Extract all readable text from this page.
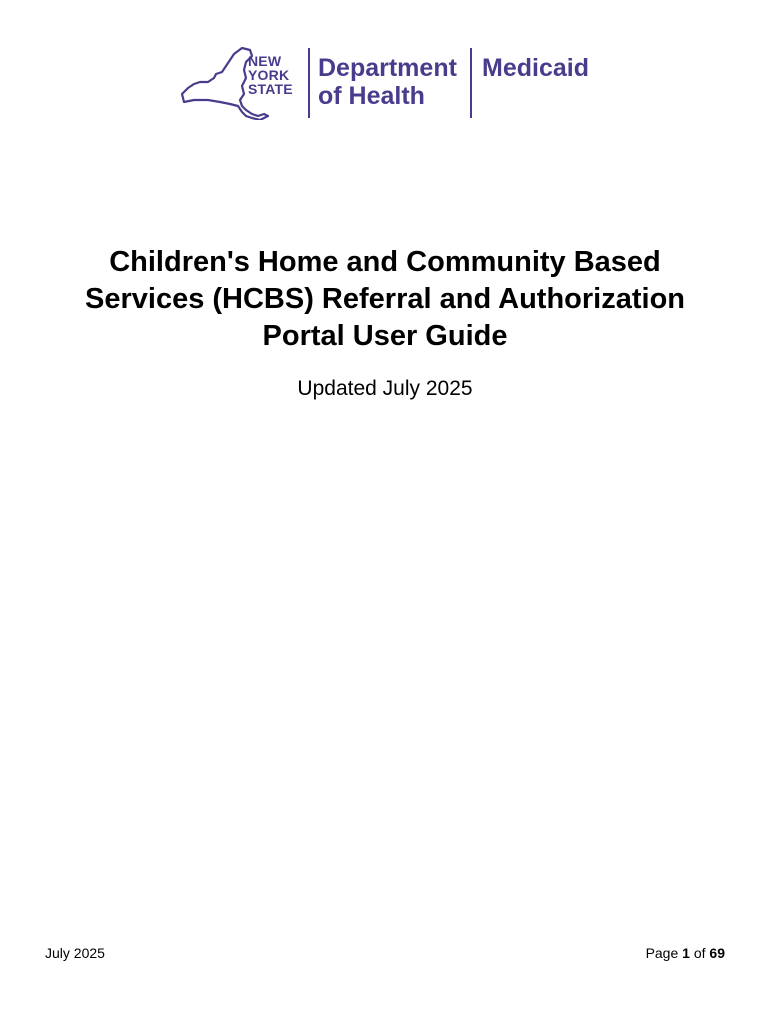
NEW
YORK
STATE
Department
of Health
Medicaid
Children's Home and Community Based
Services (HCBS) Referral and Authorization
Portal User Guide
Updated July 2025
July 2025	Page 1 of 69
